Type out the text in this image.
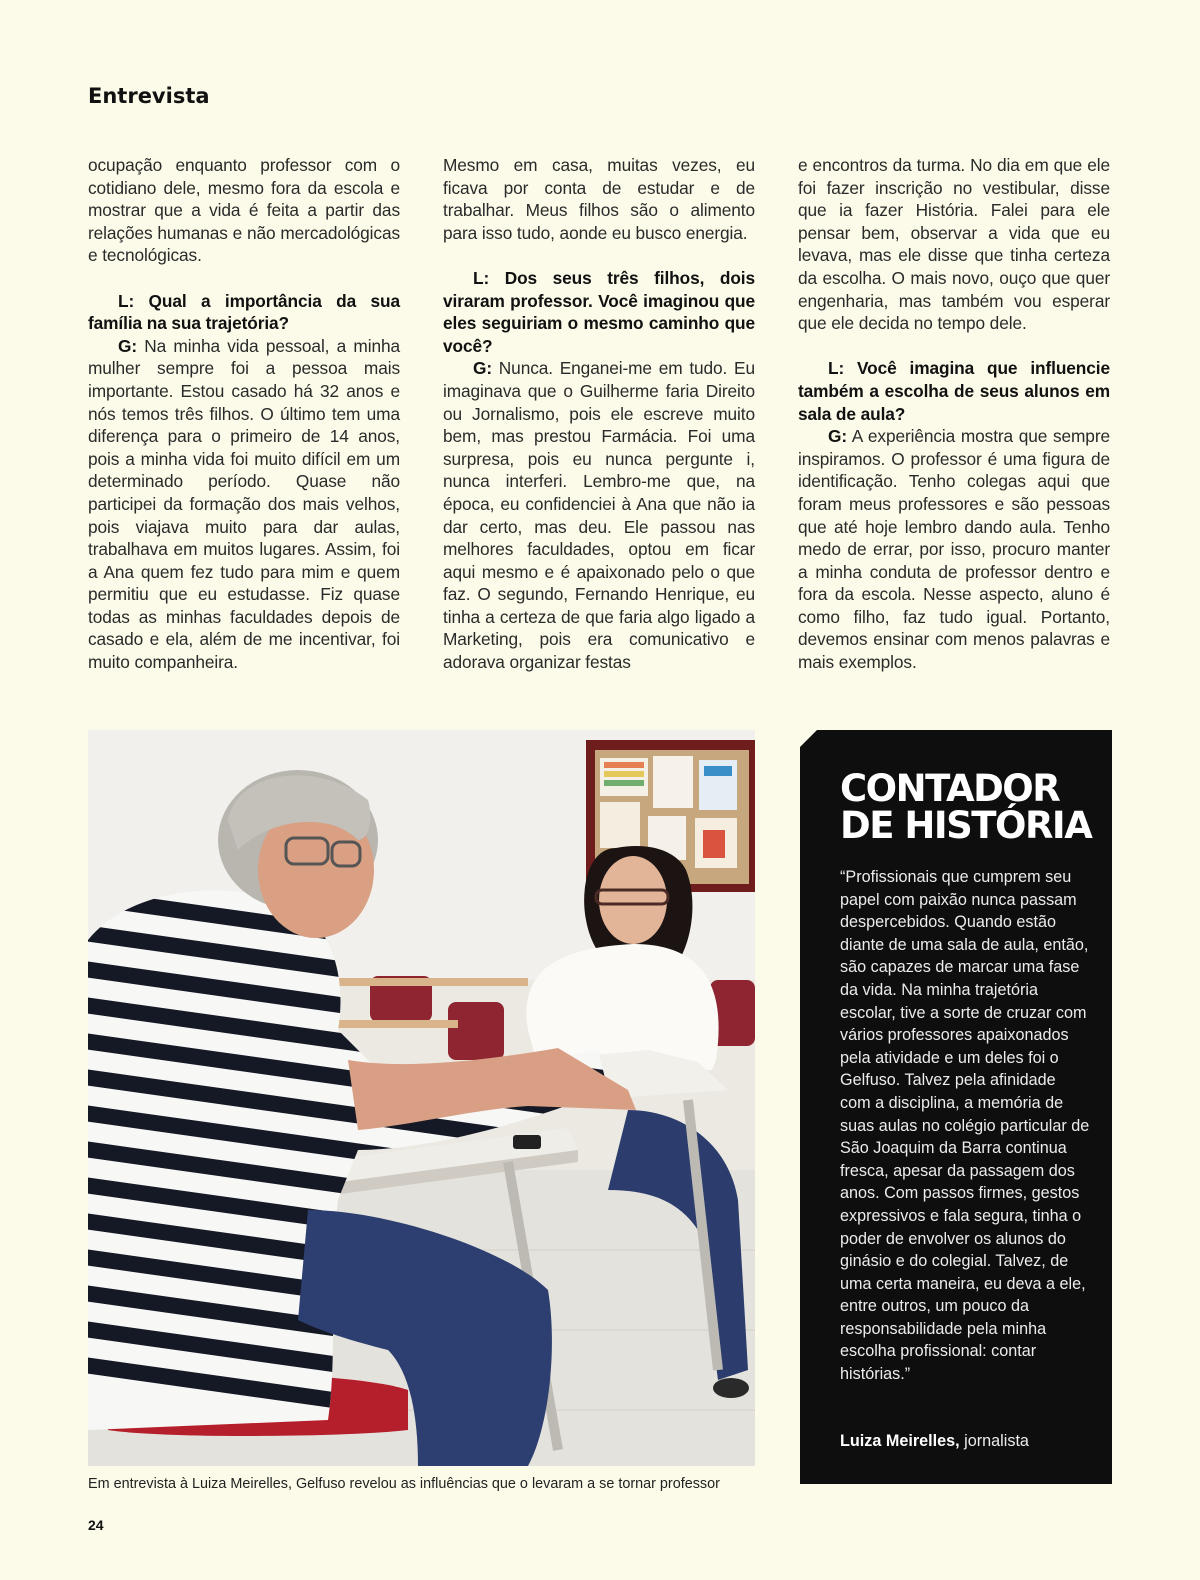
Entrevista

ocupação enquanto professor com o cotidiano dele, mesmo fora da escola e mostrar que a vida é feita a partir das relações humanas e não mercadológicas e tecnológicas.

L: Qual a importância da sua família na sua trajetória?

G: Na minha vida pessoal, a minha mulher sempre foi a pessoa mais importante. Estou casado há 32 anos e nós temos três filhos. O último tem uma diferença para o primeiro de 14 anos, pois a minha vida foi muito difícil em um determinado período. Quase não participei da formação dos mais velhos, pois viajava muito para dar aulas, trabalhava em muitos lugares. Assim, foi a Ana quem fez tudo para mim e quem permitiu que eu estudasse. Fiz quase todas as minhas faculdades depois de casado e ela, além de me incentivar, foi muito companheira.

Mesmo em casa, muitas vezes, eu ficava por conta de estudar e de trabalhar. Meus filhos são o alimento para isso tudo, aonde eu busco energia.

L: Dos seus três filhos, dois viraram professor. Você imaginou que eles seguiriam o mesmo caminho que você?

G: Nunca. Enganei-me em tudo. Eu imaginava que o Guilherme faria Direito ou Jornalismo, pois ele escreve muito bem, mas prestou Farmácia. Foi uma surpresa, pois eu nunca pergunte i, nunca interferi. Lembro-me que, na época, eu confidenciei à Ana que não ia dar certo, mas deu. Ele passou nas melhores faculdades, optou em ficar aqui mesmo e é apaixonado pelo o que faz. O segundo, Fernando Henrique, eu tinha a certeza de que faria algo ligado a Marketing, pois era comunicativo e adorava organizar festas

e encontros da turma. No dia em que ele foi fazer inscrição no vestibular, disse que ia fazer História. Falei para ele pensar bem, observar a vida que eu levava, mas ele disse que tinha certeza da escolha. O mais novo, ouço que quer engenharia, mas também vou esperar que ele decida no tempo dele.

L: Você imagina que influencie também a escolha de seus alunos em sala de aula?

G: A experiência mostra que sempre inspiramos. O professor é uma figura de identificação. Tenho colegas aqui que foram meus professores e são pessoas que até hoje lembro dando aula. Tenho medo de errar, por isso, procuro manter a minha conduta de professor dentro e fora da escola. Nesse aspecto, aluno é como filho, faz tudo igual. Portanto, devemos ensinar com menos palavras e mais exemplos.

Em entrevista à Luiza Meirelles, Gelfuso revelou as influências que o levaram a se tornar professor
CONTADOR
DE HISTÓRIA

“Profissionais que cumprem seu papel com paixão nunca passam despercebidos. Quando estão diante de uma sala de aula, então, são capazes de marcar uma fase da vida. Na minha trajetória escolar, tive a sorte de cruzar com vários professores apaixonados pela atividade e um deles foi o Gelfuso. Talvez pela afinidade com a disciplina, a memória de suas aulas no colégio particular de São Joaquim da Barra continua fresca, apesar da passagem dos anos. Com passos firmes, gestos expressivos e fala segura, tinha o poder de envolver os alunos do ginásio e do colegial. Talvez, de uma certa maneira, eu deva a ele, entre outros, um pouco da responsabilidade pela minha escolha profissional: contar histórias.”

Luiza Meirelles, jornalista
24
